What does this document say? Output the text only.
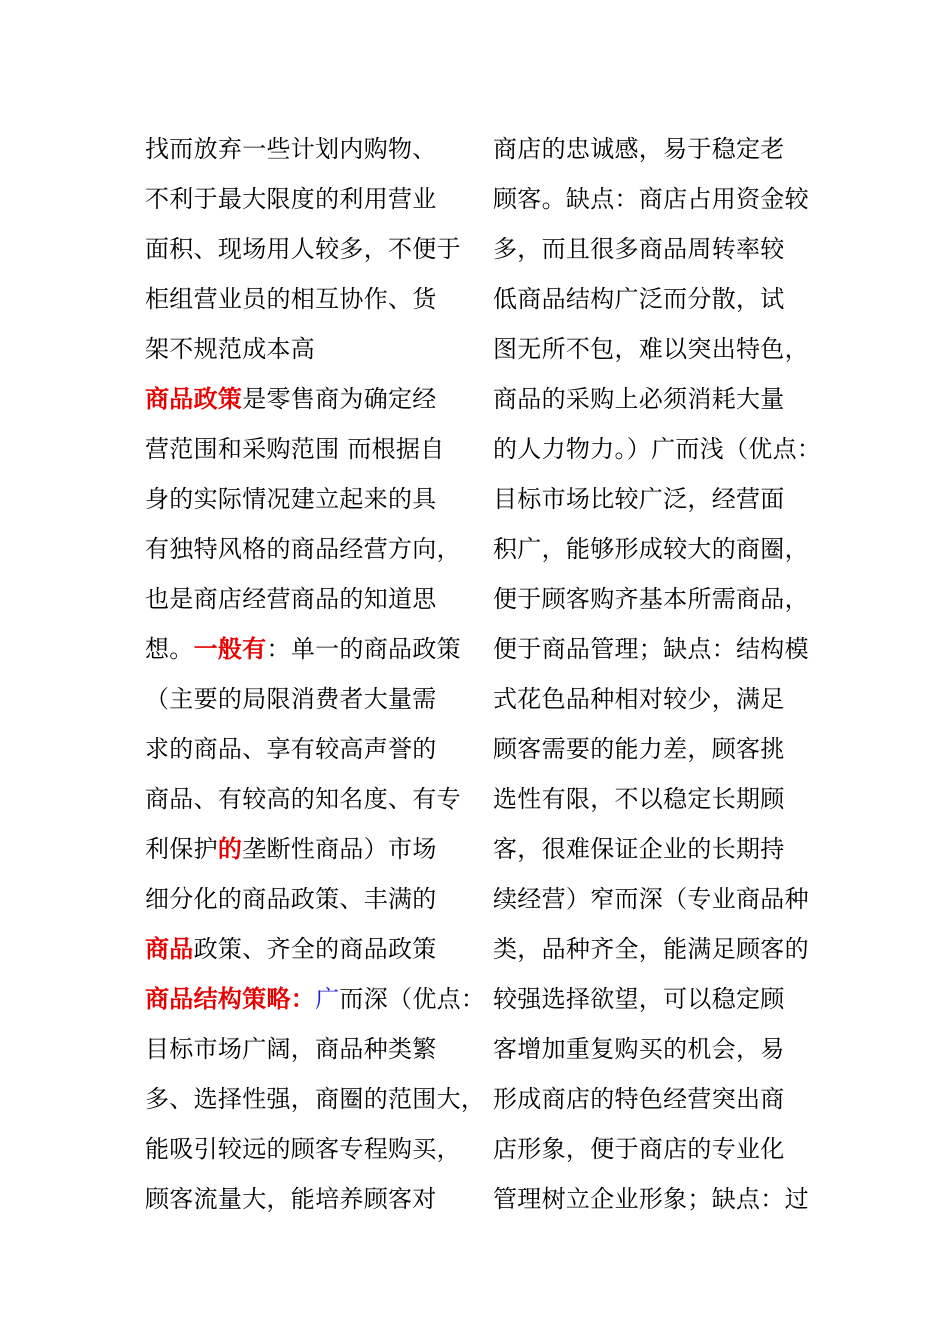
找而放弃一些计划内购物、
不利于最大限度的利用营业
面积、现场用人较多，不便于
柜组营业员的相互协作、货
架不规范成本高
商品政策是零售商为确定经
营范围和采购范围 而根据自
身的实际情况建立起来的具
有独特风格的商品经营方向，
也是商店经营商品的知道思
想。一般有：单一的商品政策
（主要的局限消费者大量需
求的商品、享有较高声誉的
商品、有较高的知名度、有专
利保护的垄断性商品）市场
细分化的商品政策、丰满的
商品政策、齐全的商品政策
商品结构策略：广而深（优点：
目标市场广阔，商品种类繁
多、选择性强，商圈的范围大，
能吸引较远的顾客专程购买，
顾客流量大，能培养顾客对
商店的忠诚感，易于稳定老
顾客。缺点：商店占用资金较
多，而且很多商品周转率较
低商品结构广泛而分散，试
图无所不包，难以突出特色，
商品的采购上必须消耗大量
的人力物力。）广而浅（优点：
目标市场比较广泛，经营面
积广，能够形成较大的商圈，
便于顾客购齐基本所需商品，
便于商品管理；缺点：结构模
式花色品种相对较少，满足
顾客需要的能力差，顾客挑
选性有限，不以稳定长期顾
客，很难保证企业的长期持
续经营）窄而深（专业商品种
类，品种齐全，能满足顾客的
较强选择欲望，可以稳定顾
客增加重复购买的机会，易
形成商店的特色经营突出商
店形象，便于商店的专业化
管理树立企业形象；缺点：过
